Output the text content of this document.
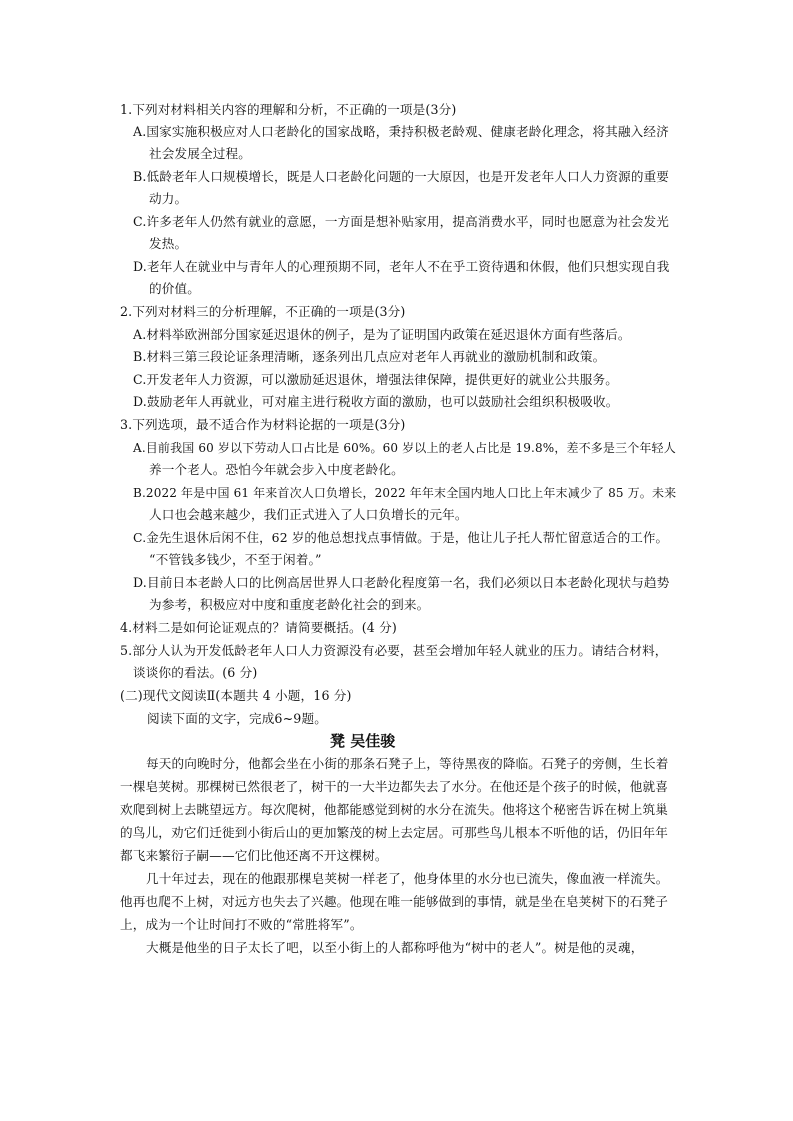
1.下列对材料相关内容的理解和分析，不正确的一项是(3分)
A.国家实施积极应对人口老龄化的国家战略，秉持积极老龄观、健康老龄化理念，将其融入经济
社会发展全过程。
B.低龄老年人口规模增长，既是人口老龄化问题的一大原因，也是开发老年人口人力资源的重要
动力。
C.许多老年人仍然有就业的意愿，一方面是想补贴家用，提高消费水平，同时也愿意为社会发光
发热。
D.老年人在就业中与青年人的心理预期不同，老年人不在乎工资待遇和休假，他们只想实现自我
的价值。
2.下列对材料三的分析理解，不正确的一项是(3分)
A.材料举欧洲部分国家延迟退休的例子，是为了证明国内政策在延迟退休方面有些落后。
B.材料三第三段论证条理清晰，逐条列出几点应对老年人再就业的激励机制和政策。
C.开发老年人力资源，可以激励延迟退休，增强法律保障，提供更好的就业公共服务。
D.鼓励老年人再就业，可对雇主进行税收方面的激励，也可以鼓励社会组织积极吸收。
3.下列选项，最不适合作为材料论据的一项是(3分)
A.目前我国 60 岁以下劳动人口占比是 60%。60 岁以上的老人占比是 19.8%，差不多是三个年轻人
养一个老人。恐怕今年就会步入中度老龄化。
B.2022 年是中国 61 年来首次人口负增长，2022 年年末全国内地人口比上年末减少了 85 万。未来
人口也会越来越少，我们正式进入了人口负增长的元年。
C.金先生退休后闲不住，62 岁的他总想找点事情做。于是，他让儿子托人帮忙留意适合的工作。
“不管钱多钱少，不至于闲着。”
D.目前日本老龄人口的比例高居世界人口老龄化程度第一名，我们必须以日本老龄化现状与趋势
为参考，积极应对中度和重度老龄化社会的到来。
4.材料二是如何论证观点的？请简要概括。(4 分)
5.部分人认为开发低龄老年人口人力资源没有必要，甚至会增加年轻人就业的压力。请结合材料，
谈谈你的看法。(6 分)
(二)现代文阅读Ⅱ(本题共 4 小题，16 分)
阅读下面的文字，完成6~9题。
凳 吴佳骏
每天的向晚时分，他都会坐在小街的那条石凳子上，等待黑夜的降临。石凳子的旁侧，生长着
一棵皂荚树。那棵树已然很老了，树干的一大半边都失去了水分。在他还是个孩子的时候，他就喜
欢爬到树上去眺望远方。每次爬树，他都能感觉到树的水分在流失。他将这个秘密告诉在树上筑巢
的鸟儿，劝它们迁徙到小街后山的更加繁茂的树上去定居。可那些鸟儿根本不听他的话，仍旧年年
都飞来繁衍子嗣——它们比他还离不开这棵树。
几十年过去，现在的他跟那棵皂荚树一样老了，他身体里的水分也已流失，像血液一样流失。
他再也爬不上树，对远方也失去了兴趣。他现在唯一能够做到的事情，就是坐在皂荚树下的石凳子
上，成为一个让时间打不败的“常胜将军”。
大概是他坐的日子太长了吧，以至小街上的人都称呼他为“树中的老人”。树是他的灵魂，
